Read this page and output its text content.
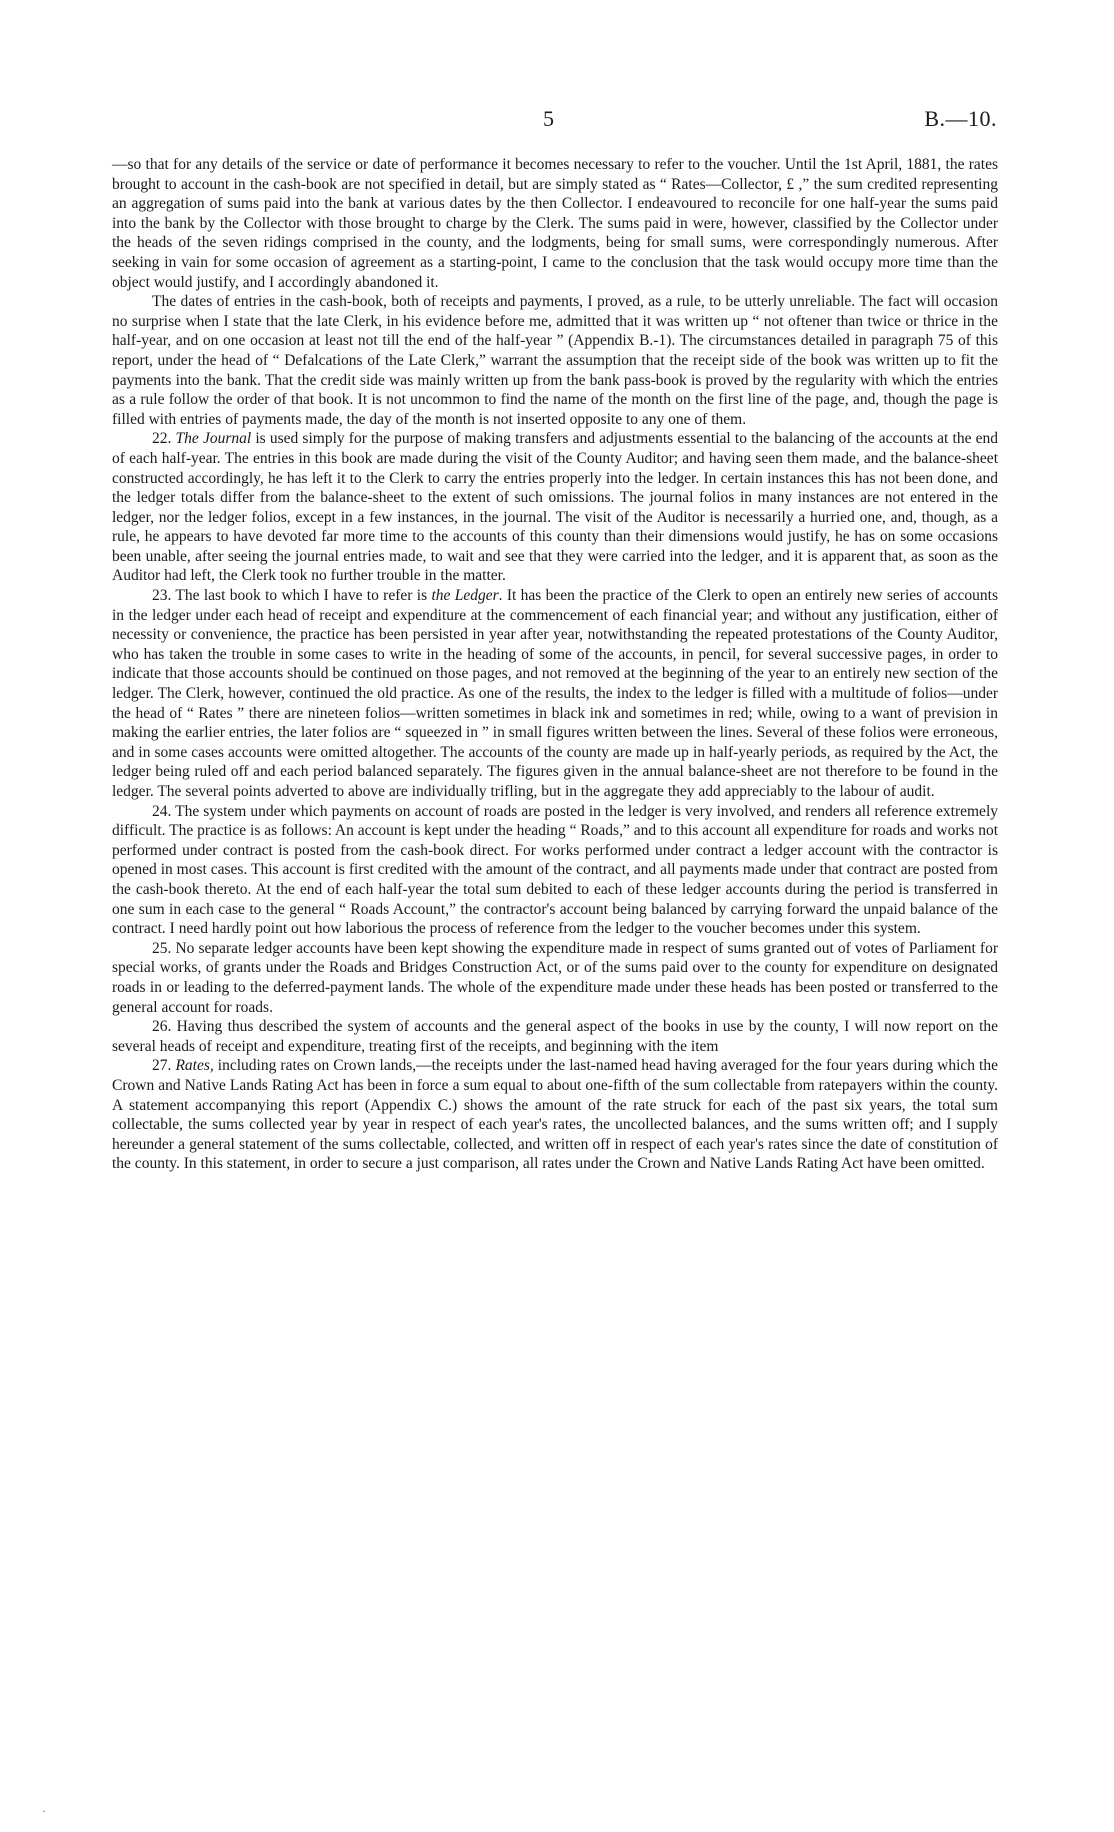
5	B.—10.

—so that for any details of the service or date of performance it becomes necessary to refer to the voucher. Until the 1st April, 1881, the rates brought to account in the cash-book are not specified in detail, but are simply stated as “ Rates—Collector, £ ,” the sum credited representing an aggregation of sums paid into the bank at various dates by the then Collector. I endeavoured to reconcile for one half-year the sums paid into the bank by the Collector with those brought to charge by the Clerk. The sums paid in were, however, classified by the Collector under the heads of the seven ridings comprised in the county, and the lodgments, being for small sums, were correspondingly numerous. After seeking in vain for some occasion of agreement as a starting-point, I came to the conclusion that the task would occupy more time than the object would justify, and I accordingly abandoned it.

The dates of entries in the cash-book, both of receipts and payments, I proved, as a rule, to be utterly unreliable. The fact will occasion no surprise when I state that the late Clerk, in his evidence before me, admitted that it was written up “ not oftener than twice or thrice in the half-year, and on one occasion at least not till the end of the half-year ” (Appendix B.-1). The circumstances detailed in paragraph 75 of this report, under the head of “ Defalcations of the Late Clerk,” warrant the assumption that the receipt side of the book was written up to fit the payments into the bank. That the credit side was mainly written up from the bank pass-book is proved by the regularity with which the entries as a rule follow the order of that book. It is not uncommon to find the name of the month on the first line of the page, and, though the page is filled with entries of payments made, the day of the month is not inserted opposite to any one of them.

22. The Journal is used simply for the purpose of making transfers and adjustments essential to the balancing of the accounts at the end of each half-year. The entries in this book are made during the visit of the County Auditor; and having seen them made, and the balance-sheet constructed accordingly, he has left it to the Clerk to carry the entries properly into the ledger. In certain instances this has not been done, and the ledger totals differ from the balance-sheet to the extent of such omissions. The journal folios in many instances are not entered in the ledger, nor the ledger folios, except in a few instances, in the journal. The visit of the Auditor is necessarily a hurried one, and, though, as a rule, he appears to have devoted far more time to the accounts of this county than their dimensions would justify, he has on some occasions been unable, after seeing the journal entries made, to wait and see that they were carried into the ledger, and it is apparent that, as soon as the Auditor had left, the Clerk took no further trouble in the matter.

23. The last book to which I have to refer is the Ledger. It has been the practice of the Clerk to open an entirely new series of accounts in the ledger under each head of receipt and expenditure at the commencement of each financial year; and without any justification, either of necessity or convenience, the practice has been persisted in year after year, notwithstanding the repeated protestations of the County Auditor, who has taken the trouble in some cases to write in the heading of some of the accounts, in pencil, for several successive pages, in order to indicate that those accounts should be continued on those pages, and not removed at the beginning of the year to an entirely new section of the ledger. The Clerk, however, continued the old practice. As one of the results, the index to the ledger is filled with a multitude of folios—under the head of “ Rates ” there are nineteen folios—written sometimes in black ink and sometimes in red; while, owing to a want of prevision in making the earlier entries, the later folios are “ squeezed in ” in small figures written between the lines. Several of these folios were erroneous, and in some cases accounts were omitted altogether. The accounts of the county are made up in half-yearly periods, as required by the Act, the ledger being ruled off and each period balanced separately. The figures given in the annual balance-sheet are not therefore to be found in the ledger. The several points adverted to above are individually trifling, but in the aggregate they add appreciably to the labour of audit.

24. The system under which payments on account of roads are posted in the ledger is very involved, and renders all reference extremely difficult. The practice is as follows: An account is kept under the heading “ Roads,” and to this account all expenditure for roads and works not performed under contract is posted from the cash-book direct. For works performed under contract a ledger account with the contractor is opened in most cases. This account is first credited with the amount of the contract, and all payments made under that contract are posted from the cash-book thereto. At the end of each half-year the total sum debited to each of these ledger accounts during the period is transferred in one sum in each case to the general “ Roads Account,” the contractor's account being balanced by carrying forward the unpaid balance of the contract. I need hardly point out how laborious the process of reference from the ledger to the voucher becomes under this system.

25. No separate ledger accounts have been kept showing the expenditure made in respect of sums granted out of votes of Parliament for special works, of grants under the Roads and Bridges Construction Act, or of the sums paid over to the county for expenditure on designated roads in or leading to the deferred-payment lands. The whole of the expenditure made under these heads has been posted or transferred to the general account for roads.

26. Having thus described the system of accounts and the general aspect of the books in use by the county, I will now report on the several heads of receipt and expenditure, treating first of the receipts, and beginning with the item

27. Rates, including rates on Crown lands,—the receipts under the last-named head having averaged for the four years during which the Crown and Native Lands Rating Act has been in force a sum equal to about one-fifth of the sum collectable from ratepayers within the county. A statement accompanying this report (Appendix C.) shows the amount of the rate struck for each of the past six years, the total sum collectable, the sums collected year by year in respect of each year's rates, the uncollected balances, and the sums written off; and I supply hereunder a general statement of the sums collectable, collected, and written off in respect of each year's rates since the date of constitution of the county. In this statement, in order to secure a just comparison, all rates under the Crown and Native Lands Rating Act have been omitted.

·
